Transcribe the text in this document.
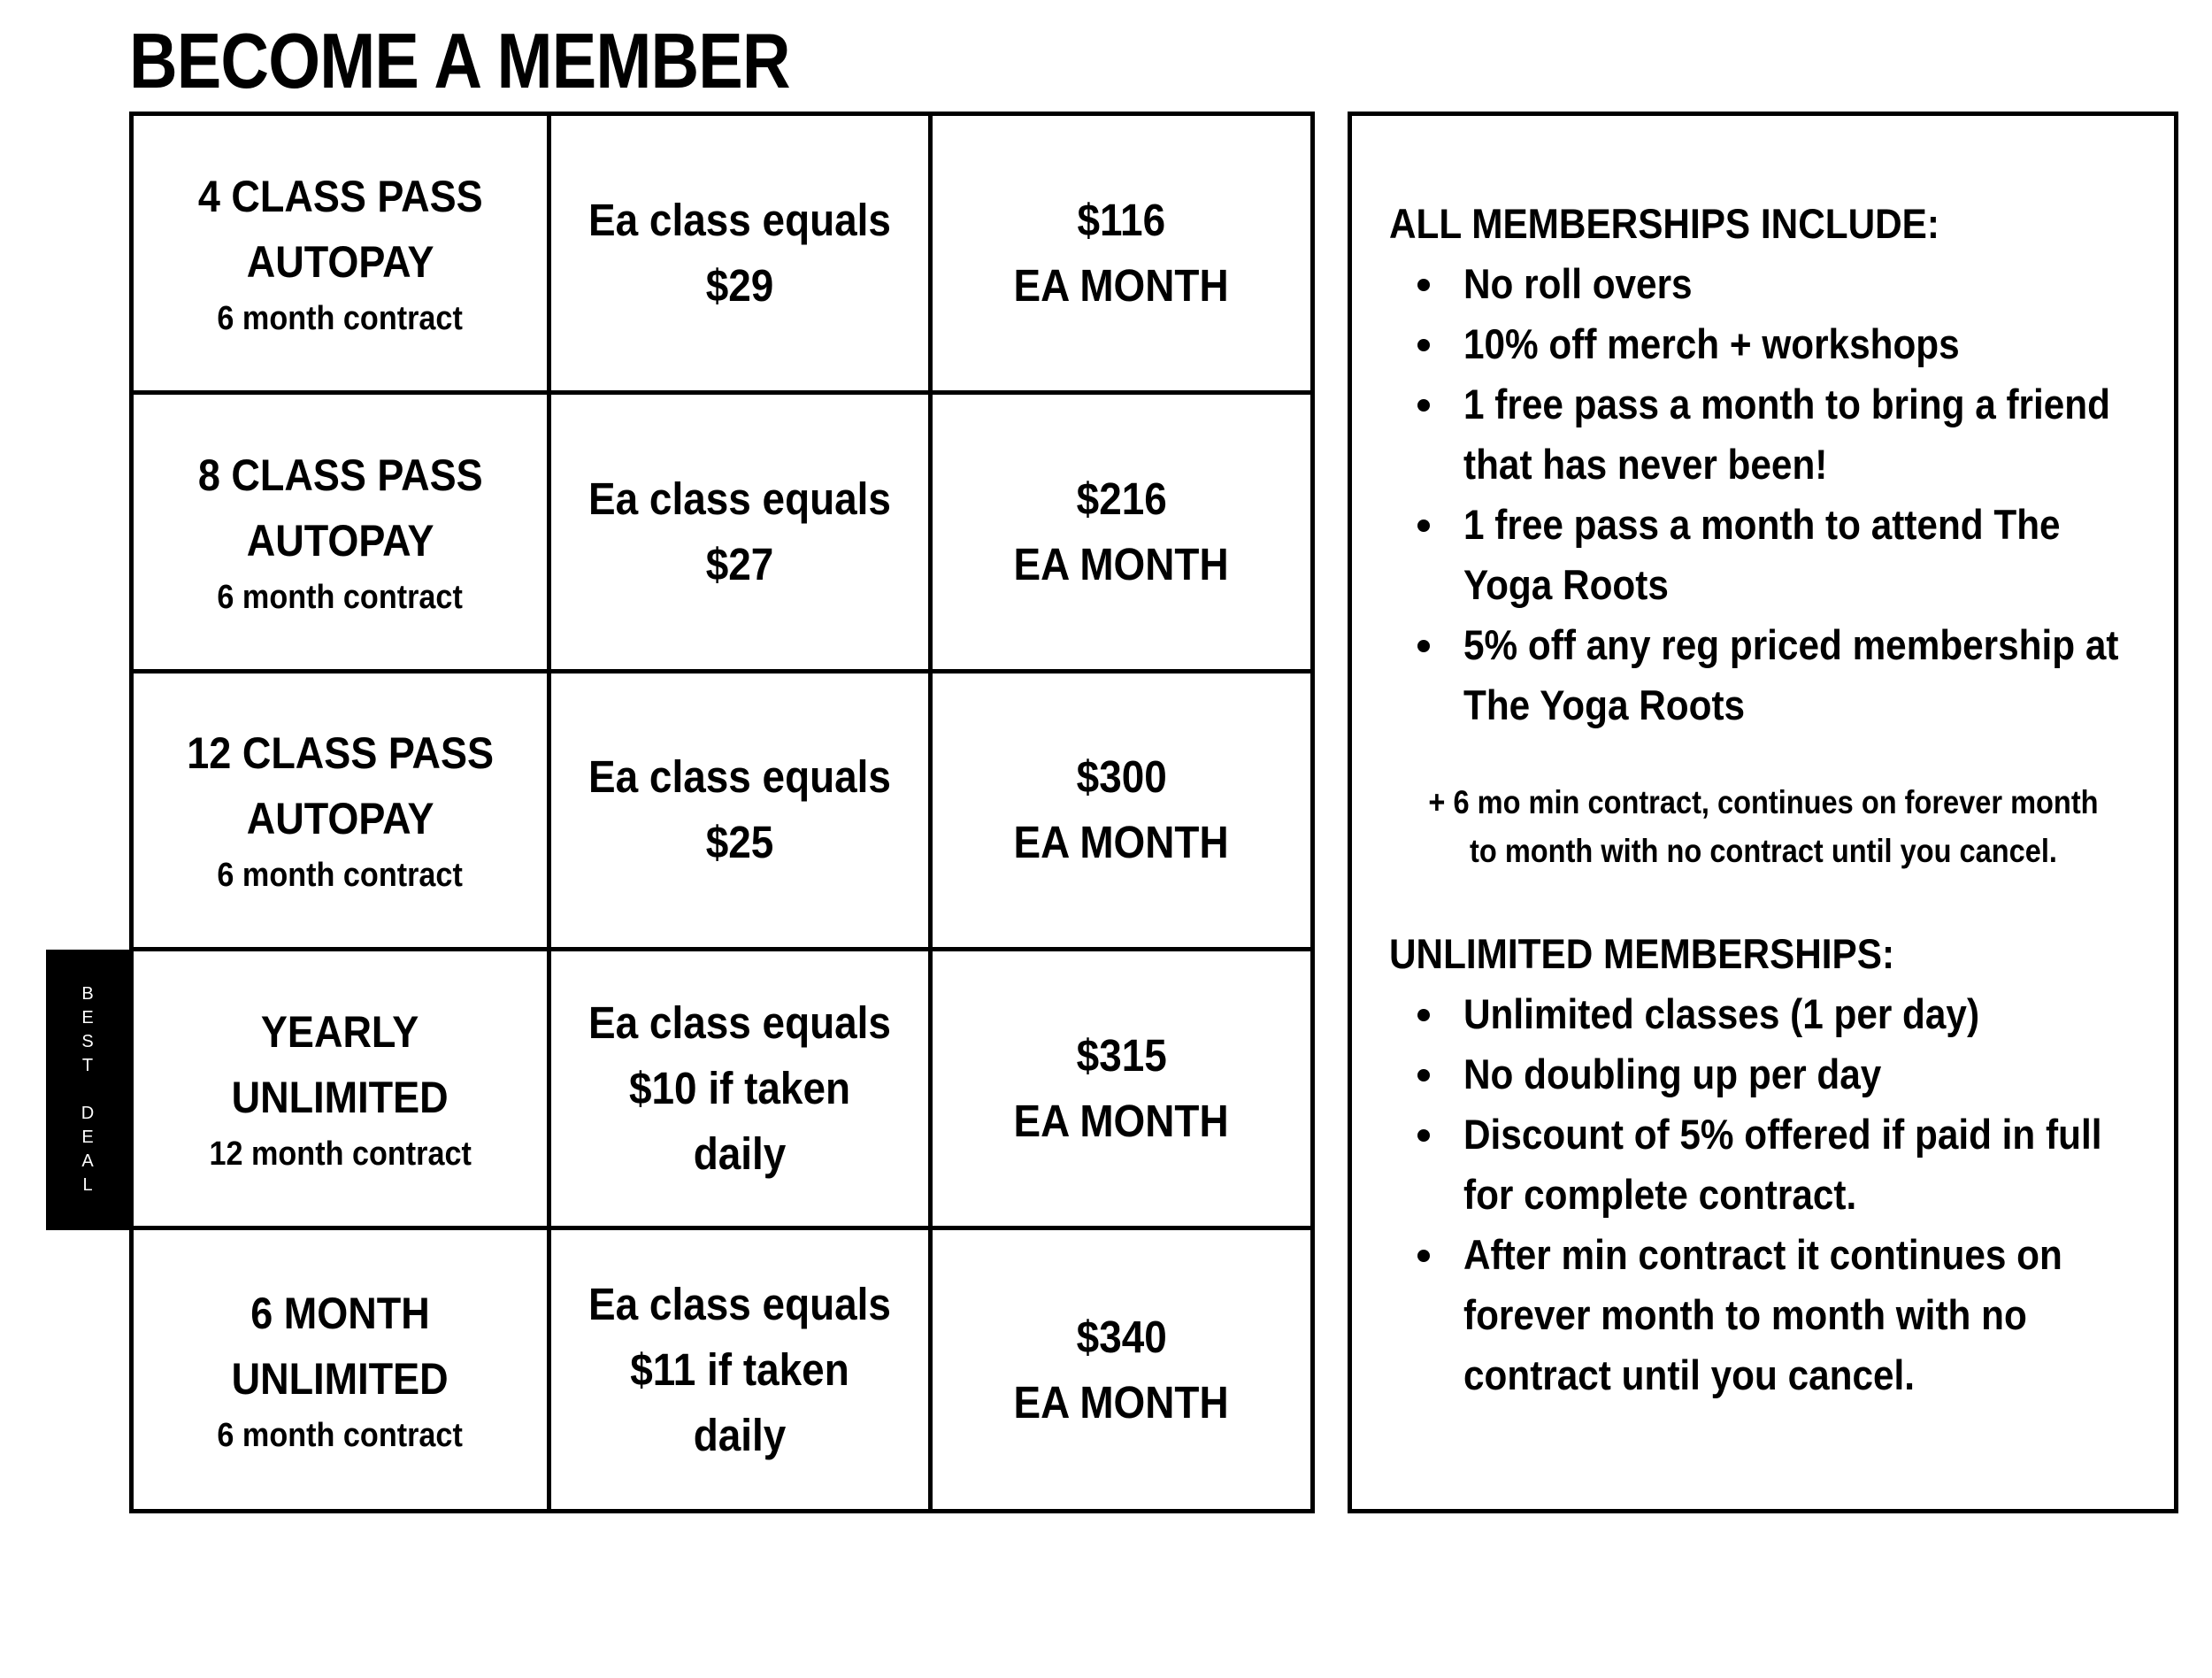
BECOME A MEMBER
B
E
S
T
D
E
A
L
4 CLASS PASS
AUTOPAY
6 month contract
Ea class equals
$29
$116
EA MONTH
8 CLASS PASS
AUTOPAY
6 month contract
Ea class equals
$27
$216
EA MONTH
12 CLASS PASS
AUTOPAY
6 month contract
Ea class equals
$25
$300
EA MONTH
YEARLY
UNLIMITED
12 month contract
Ea class equals
$10 if taken
daily
$315
EA MONTH
6 MONTH
UNLIMITED
6 month contract
Ea class equals
$11 if taken
daily
$340
EA MONTH
ALL MEMBERSHIPS INCLUDE:
No roll overs
10% off merch + workshops
1 free pass a month to bring a friend that has never been!
1 free pass a month to attend The Yoga Roots
5% off any reg priced membership at The Yoga Roots
+ 6 mo min contract, continues on forever month to month with no contract until you cancel.
UNLIMITED MEMBERSHIPS:
Unlimited classes (1 per day)
No doubling up per day
Discount of 5% offered if paid in full for complete contract.
After min contract it continues on forever month to month with no contract until you cancel.
